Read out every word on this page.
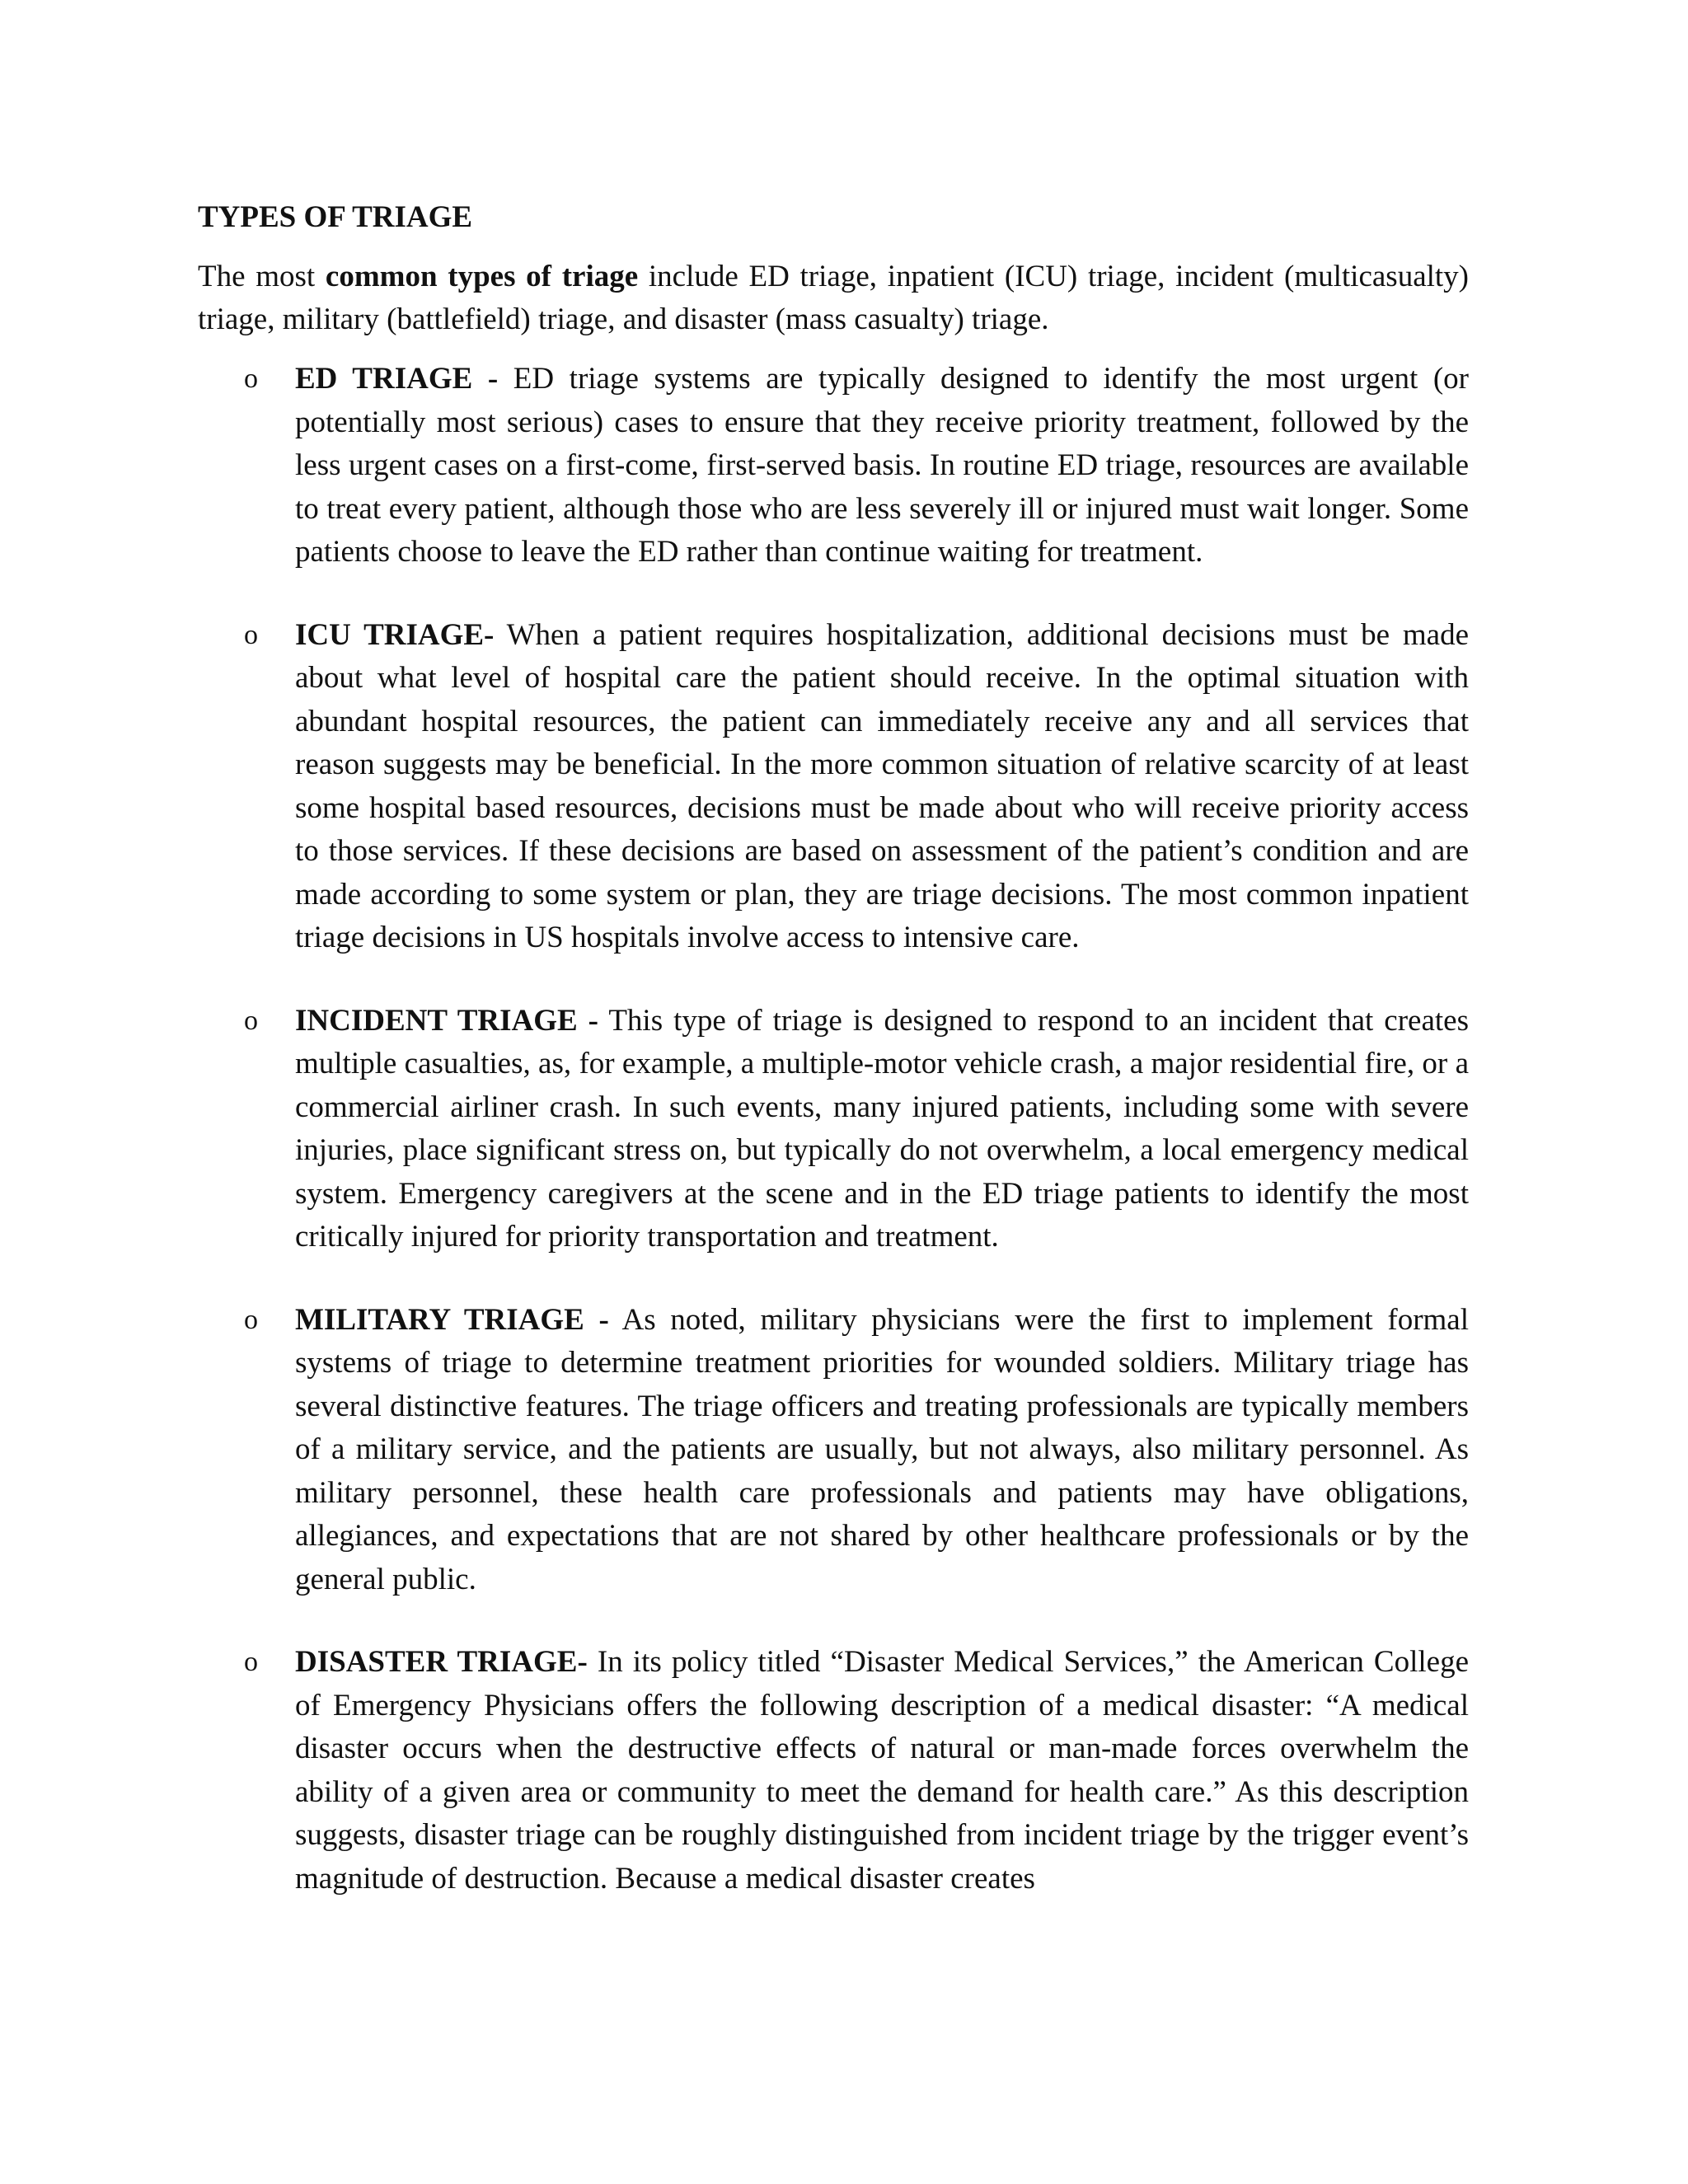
TYPES OF TRIAGE

The most common types of triage include ED triage, inpatient (ICU) triage, incident (multicasualty) triage, military (battlefield) triage, and disaster (mass casualty) triage.

o ED TRIAGE - ED triage systems are typically designed to identify the most urgent (or potentially most serious) cases to ensure that they receive priority treatment, followed by the less urgent cases on a first-come, first-served basis. In routine ED triage, resources are available to treat every patient, although those who are less severely ill or injured must wait longer. Some patients choose to leave the ED rather than continue waiting for treatment.
o ICU TRIAGE- When a patient requires hospitalization, additional decisions must be made about what level of hospital care the patient should receive. In the optimal situation with abundant hospital resources, the patient can immediately receive any and all services that reason suggests may be beneficial. In the more common situation of relative scarcity of at least some hospital based resources, decisions must be made about who will receive priority access to those services. If these decisions are based on assessment of the patient’s condition and are made according to some system or plan, they are triage decisions. The most common inpatient triage decisions in US hospitals involve access to intensive care.
o INCIDENT TRIAGE - This type of triage is designed to respond to an incident that creates multiple casualties, as, for example, a multiple-motor vehicle crash, a major residential fire, or a commercial airliner crash. In such events, many injured patients, including some with severe injuries, place significant stress on, but typically do not overwhelm, a local emergency medical system. Emergency caregivers at the scene and in the ED triage patients to identify the most critically injured for priority transportation and treatment.
o MILITARY TRIAGE - As noted, military physicians were the first to implement formal systems of triage to determine treatment priorities for wounded soldiers. Military triage has several distinctive features. The triage officers and treating professionals are typically members of a military service, and the patients are usually, but not always, also military personnel. As military personnel, these health care professionals and patients may have obligations, allegiances, and expectations that are not shared by other healthcare professionals or by the general public.
o DISASTER TRIAGE- In its policy titled “Disaster Medical Services,” the American College of Emergency Physicians offers the following description of a medical disaster: “A medical disaster occurs when the destructive effects of natural or man-made forces overwhelm the ability of a given area or community to meet the demand for health care.” As this description suggests, disaster triage can be roughly distinguished from incident triage by the trigger event’s magnitude of destruction. Because a medical disaster creates
